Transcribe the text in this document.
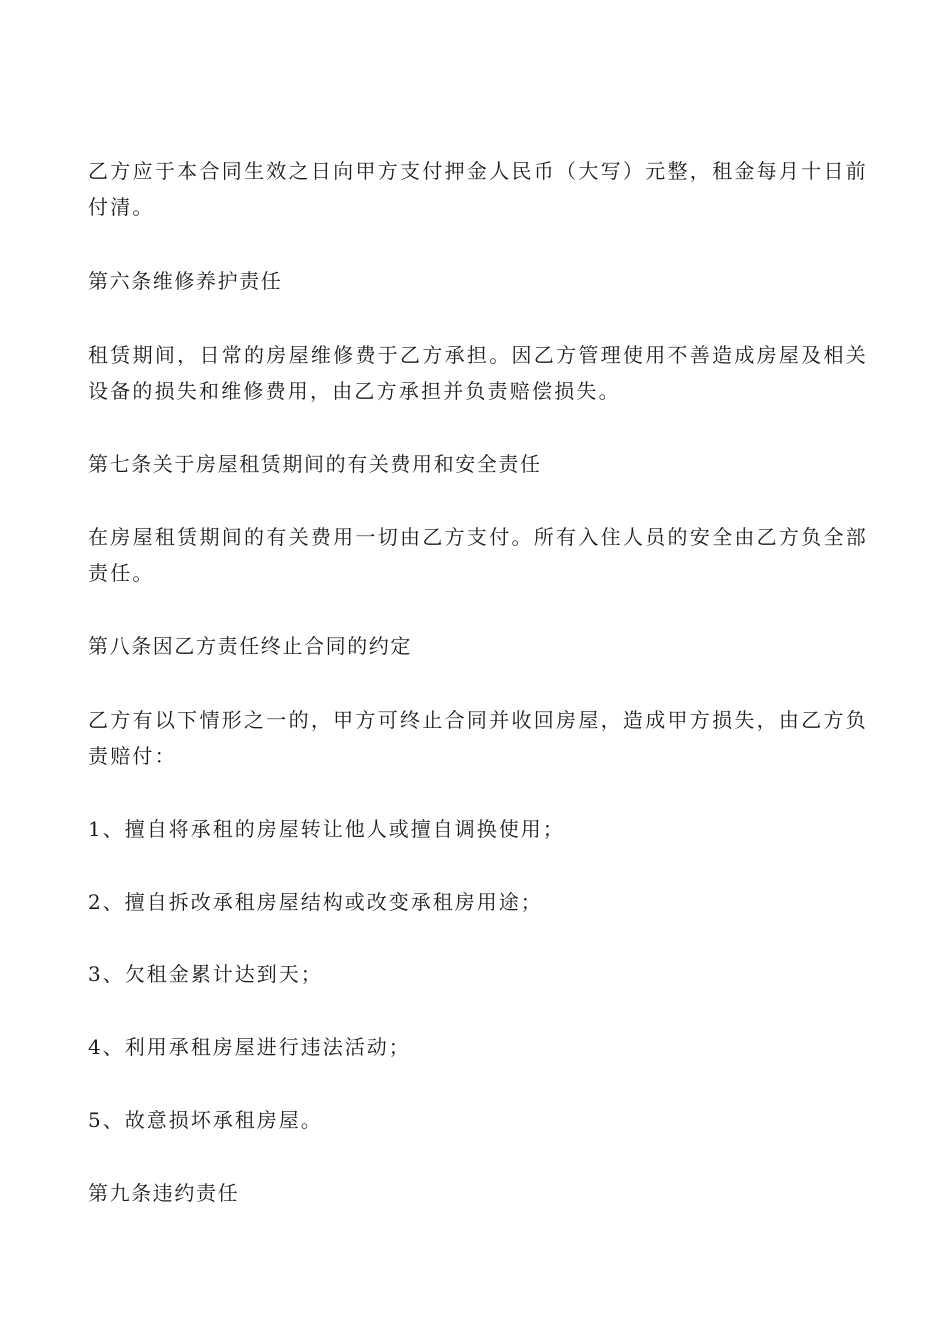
乙方应于本合同生效之日向甲方支付押金人民币（大写）元整，租金每月十日前付清。

第六条维修养护责任

租赁期间，日常的房屋维修费于乙方承担。因乙方管理使用不善造成房屋及相关设备的损失和维修费用，由乙方承担并负责赔偿损失。

第七条关于房屋租赁期间的有关费用和安全责任

在房屋租赁期间的有关费用一切由乙方支付。所有入住人员的安全由乙方负全部责任。

第八条因乙方责任终止合同的约定

乙方有以下情形之一的，甲方可终止合同并收回房屋，造成甲方损失，由乙方负责赔付：

1、擅自将承租的房屋转让他人或擅自调换使用；

2、擅自拆改承租房屋结构或改变承租房用途；

3、欠租金累计达到天；

4、利用承租房屋进行违法活动；

5、故意损坏承租房屋。

第九条违约责任
